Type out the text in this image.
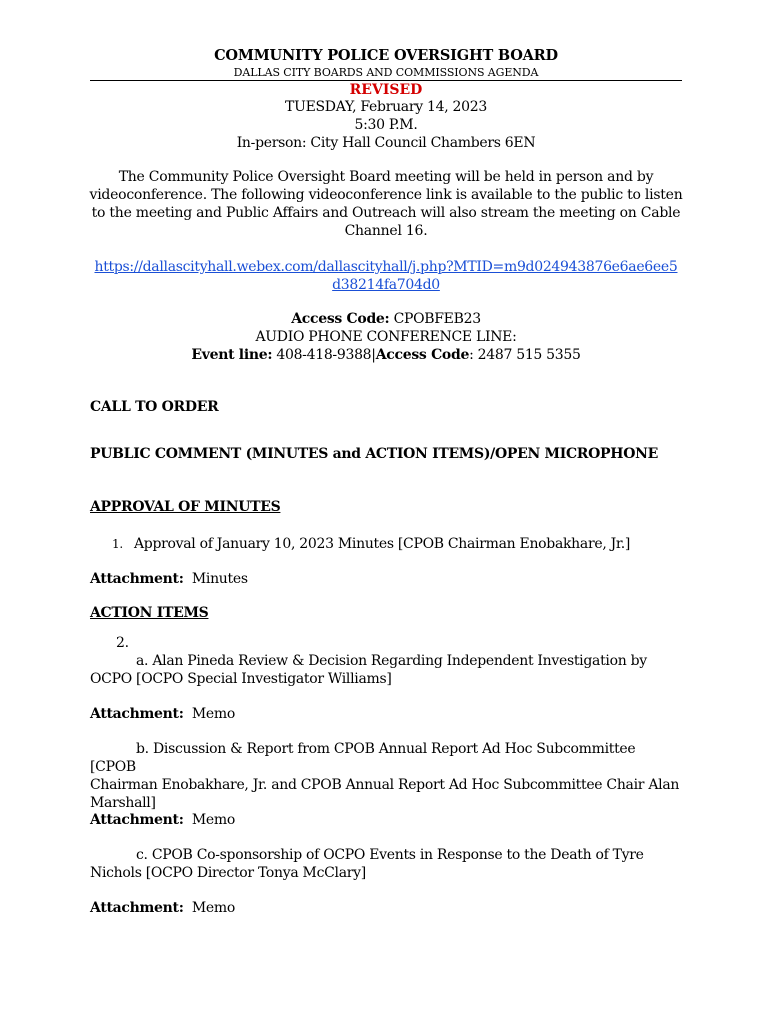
COMMUNITY POLICE OVERSIGHT BOARD
DALLAS CITY BOARDS AND COMMISSIONS AGENDA
REVISED
TUESDAY, February 14, 2023
5:30 P.M.
In-person: City Hall Council Chambers 6EN
The Community Police Oversight Board meeting will be held in person and by videoconference. The following videoconference link is available to the public to listen to the meeting and Public Affairs and Outreach will also stream the meeting on Cable Channel 16.
https://dallascityhall.webex.com/dallascityhall/j.php?MTID=m9d024943876e6ae6ee5
d38214fa704d0
Access Code: CPOBFEB23
AUDIO PHONE CONFERENCE LINE:
Event line: 408-418-9388|Access Code: 2487 515 5355
CALL TO ORDER
PUBLIC COMMENT (MINUTES and ACTION ITEMS)/OPEN MICROPHONE
APPROVAL OF MINUTES
1. Approval of January 10, 2023 Minutes [CPOB Chairman Enobakhare, Jr.]
Attachment: Minutes
ACTION ITEMS
2.
a. Alan Pineda Review & Decision Regarding Independent Investigation by
OCPO [OCPO Special Investigator Williams]
Attachment: Memo
b. Discussion & Report from CPOB Annual Report Ad Hoc Subcommittee [CPOB
Chairman Enobakhare, Jr. and CPOB Annual Report Ad Hoc Subcommittee Chair Alan
Marshall]
Attachment: Memo
c. CPOB Co-sponsorship of OCPO Events in Response to the Death of Tyre
Nichols [OCPO Director Tonya McClary]
Attachment: Memo
